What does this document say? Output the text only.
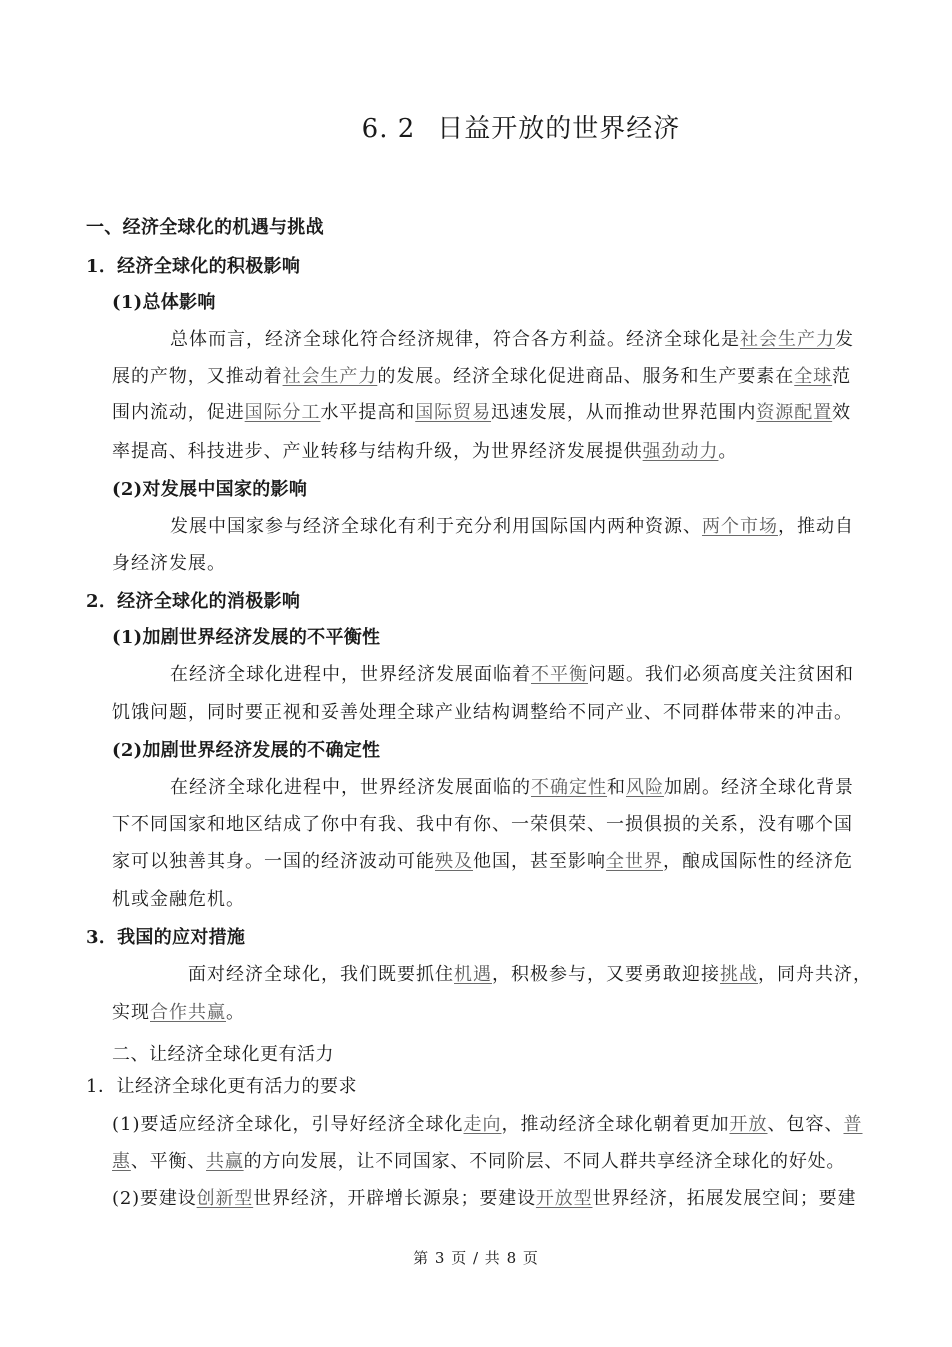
6. 2 日益开放的世界经济
一、经济全球化的机遇与挑战
1．经济全球化的积极影响
(1)总体影响
总体而言，经济全球化符合经济规律，符合各方利益。经济全球化是社会生产力发
展的产物，又推动着社会生产力的发展。经济全球化促进商品、服务和生产要素在全球范
围内流动，促进国际分工水平提高和国际贸易迅速发展，从而推动世界范围内资源配置效
率提高、科技进步、产业转移与结构升级，为世界经济发展提供强劲动力。
(2)对发展中国家的影响
发展中国家参与经济全球化有利于充分利用国际国内两种资源、两个市场，推动自
身经济发展。
2．经济全球化的消极影响
(1)加剧世界经济发展的不平衡性
在经济全球化进程中，世界经济发展面临着不平衡问题。我们必须高度关注贫困和
饥饿问题，同时要正视和妥善处理全球产业结构调整给不同产业、不同群体带来的冲击。
(2)加剧世界经济发展的不确定性
在经济全球化进程中，世界经济发展面临的不确定性和风险加剧。经济全球化背景
下不同国家和地区结成了你中有我、我中有你、一荣俱荣、一损俱损的关系，没有哪个国
家可以独善其身。一国的经济波动可能殃及他国，甚至影响全世界，酿成国际性的经济危
机或金融危机。
3．我国的应对措施
面对经济全球化，我们既要抓住机遇，积极参与，又要勇敢迎接挑战，同舟共济，
实现合作共赢。
二、让经济全球化更有活力
1．让经济全球化更有活力的要求
(1)要适应经济全球化，引导好经济全球化走向，推动经济全球化朝着更加开放、包容、普
惠、平衡、共赢的方向发展，让不同国家、不同阶层、不同人群共享经济全球化的好处。
(2)要建设创新型世界经济，开辟增长源泉；要建设开放型世界经济，拓展发展空间；要建
第 3 页 / 共 8 页
